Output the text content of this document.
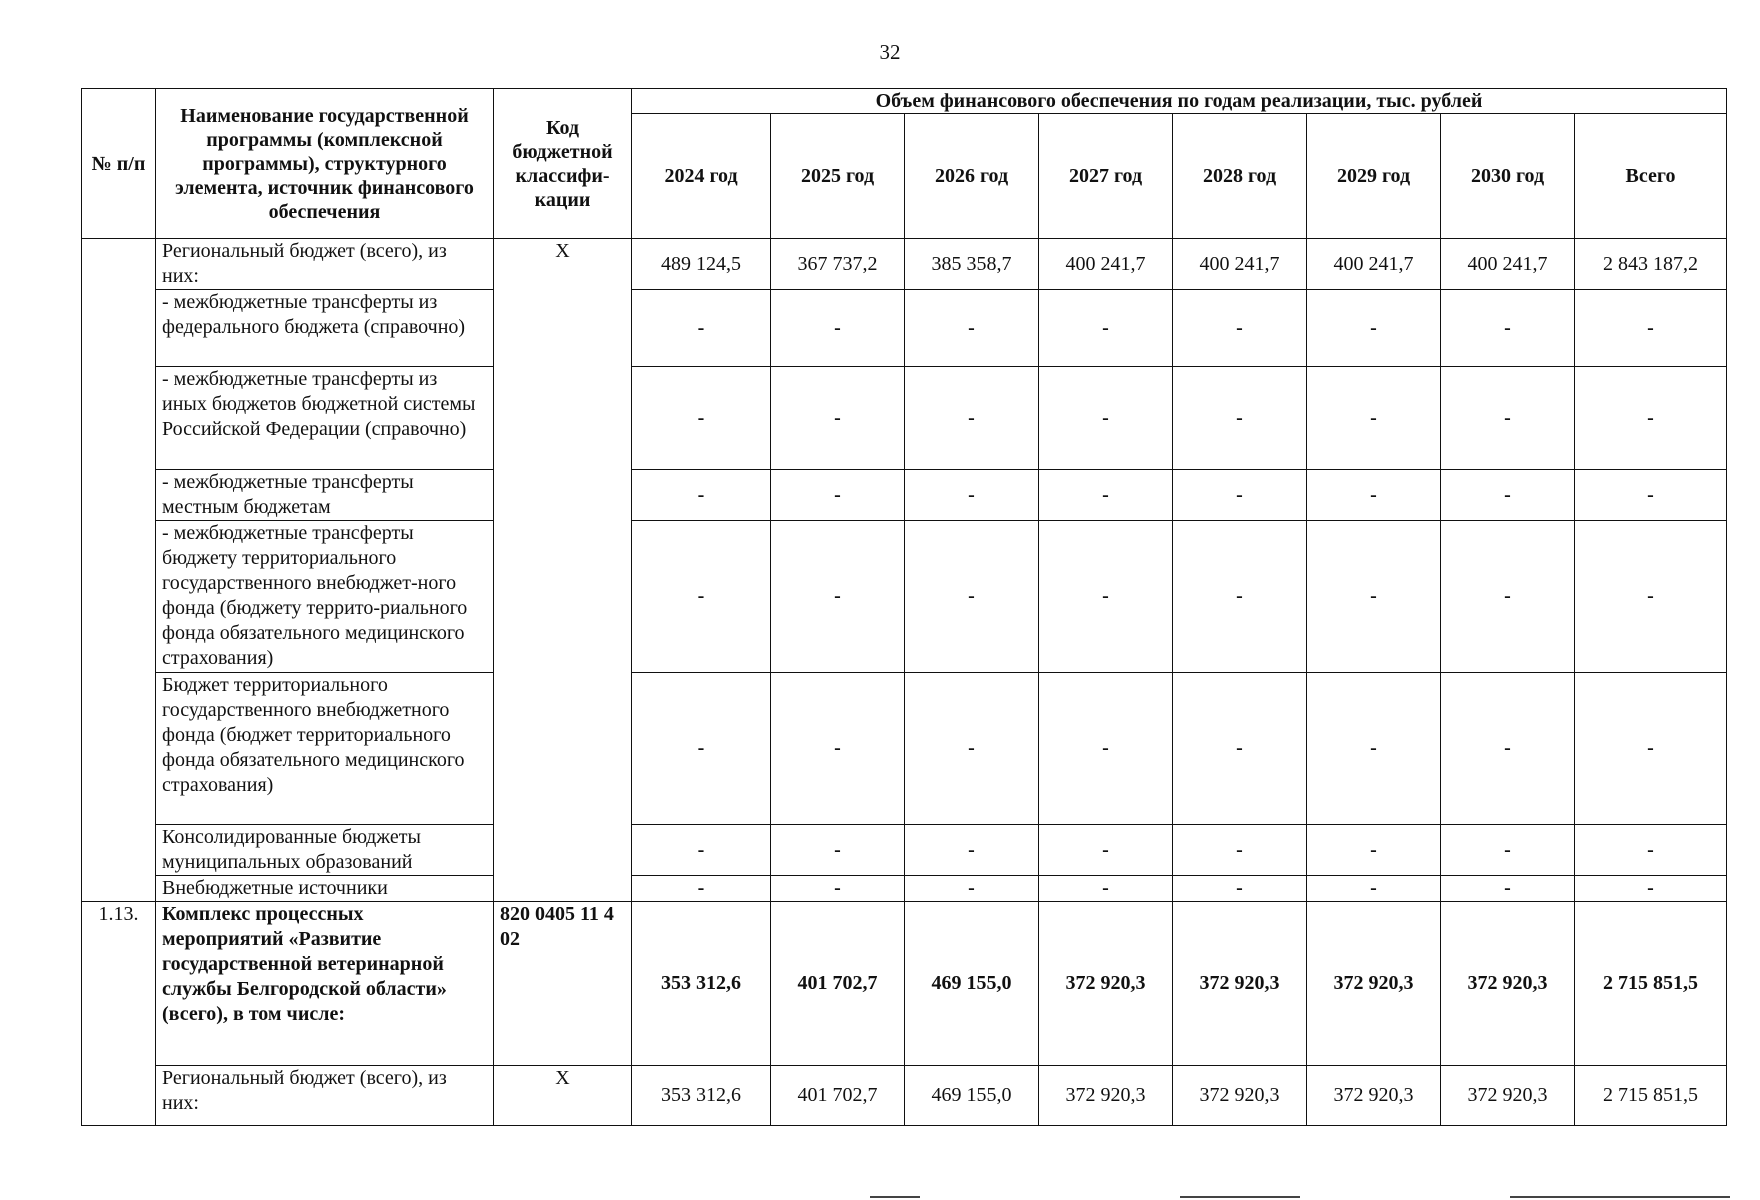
32
№ п/п	Наименование государственной программы (комплексной программы), структурного элемента, источник финансового обеспечения	Код бюджетной классифи-кации	Объем финансового обеспечения по годам реализации, тыс. рублей							
			2024 год	2025 год	2026 год	2027 год	2028 год	2029 год	2030 год	Всего
	Региональный бюджет (всего), из них:	X	489 124,5	367 737,2	385 358,7	400 241,7	400 241,7	400 241,7	400 241,7	2 843 187,2
	- межбюджетные трансферты из федерального бюджета (справочно)		-	-	-	-	-	-	-	-
	- межбюджетные трансферты из иных бюджетов бюджетной системы Российской Федерации (справочно)		-	-	-	-	-	-	-	-
	- межбюджетные трансферты местным бюджетам		-	-	-	-	-	-	-	-
	- межбюджетные трансферты бюджету территориального государственного внебюджет-ного фонда (бюджету террито-риального фонда обязательного медицинского страхования)		-	-	-	-	-	-	-	-
	Бюджет территориального государственного внебюджетного фонда (бюджет территориального фонда обязательного медицинского страхования)		-	-	-	-	-	-	-	-
	Консолидированные бюджеты муниципальных образований		-	-	-	-	-	-	-	-
	Внебюджетные источники		-	-	-	-	-	-	-	-
1.13.	Комплекс процессных мероприятий «Развитие государственной ветеринарной службы Белгородской области» (всего), в том числе:	820 0405 11 4 02	353 312,6	401 702,7	469 155,0	372 920,3	372 920,3	372 920,3	372 920,3	2 715 851,5
	Региональный бюджет (всего), из них:	X	353 312,6	401 702,7	469 155,0	372 920,3	372 920,3	372 920,3	372 920,3	2 715 851,5
